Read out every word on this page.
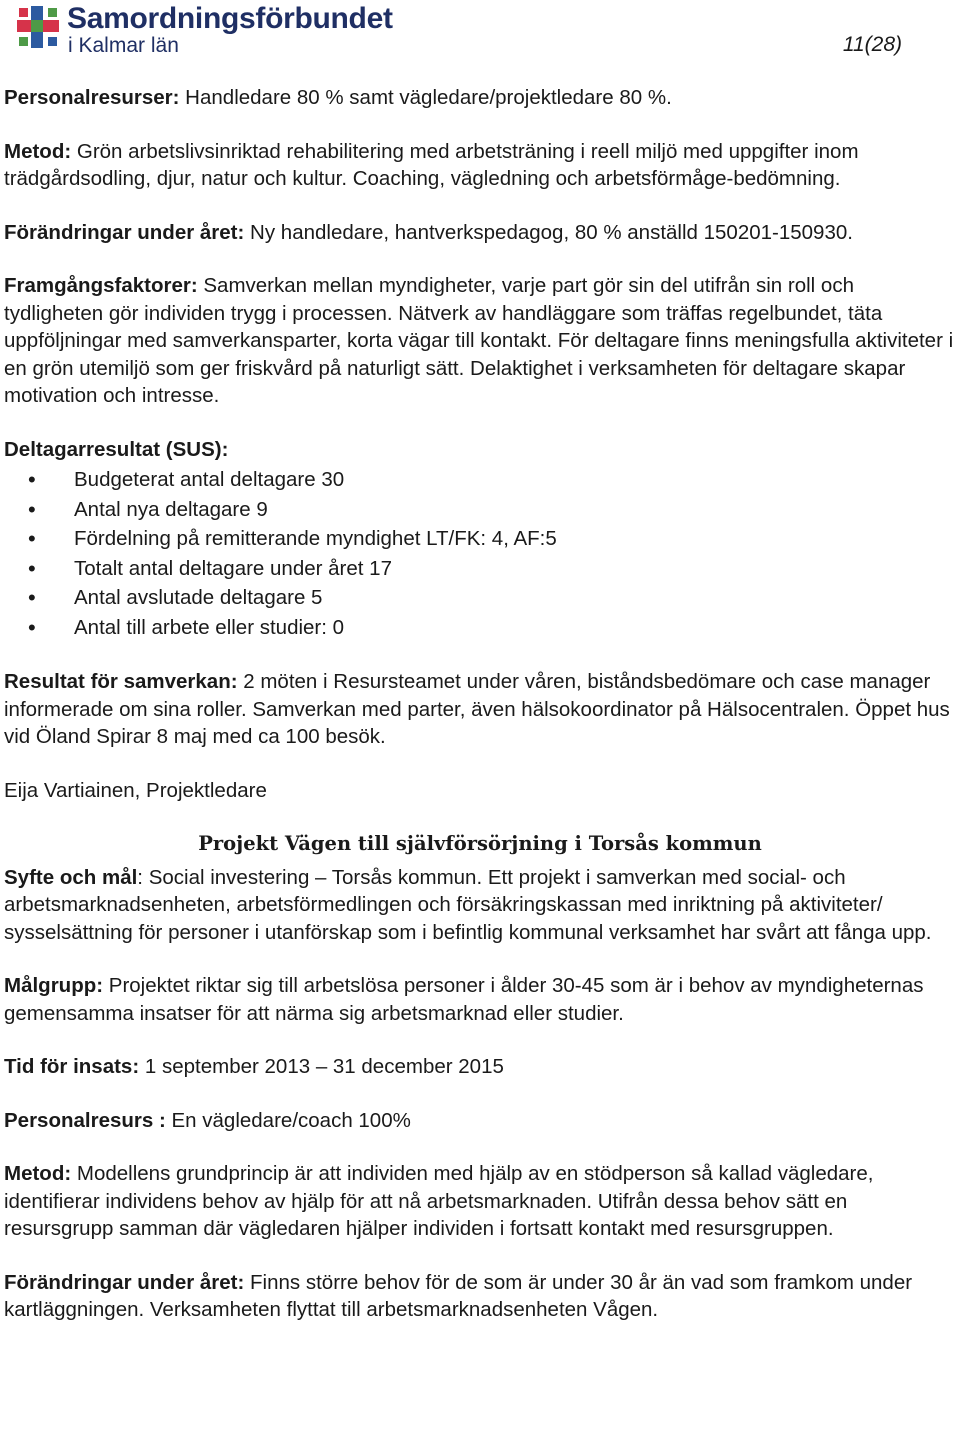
Samordningsförbundet
i Kalmar län	11(28)

Personalresurser: Handledare 80 % samt vägledare/projektledare 80 %.

Metod: Grön arbetslivsinriktad rehabilitering med arbetsträning i reell miljö med uppgifter inom trädgårdsodling, djur, natur och kultur. Coaching, vägledning och arbetsförmåge-bedömning.

Förändringar under året: Ny handledare, hantverkspedagog, 80 % anställd 150201-150930.

Framgångsfaktorer: Samverkan mellan myndigheter, varje part gör sin del utifrån sin roll och tydligheten gör individen trygg i processen. Nätverk av handläggare som träffas regelbundet, täta uppföljningar med samverkansparter, korta vägar till kontakt. För deltagare finns meningsfulla aktiviteter i en grön utemiljö som ger friskvård på naturligt sätt. Delaktighet i verksamheten för deltagare skapar motivation och intresse.

Deltagarresultat (SUS):
• Budgeterat antal deltagare 30
• Antal nya deltagare 9
• Fördelning på remitterande myndighet LT/FK: 4, AF:5
• Totalt antal deltagare under året 17
• Antal avslutade deltagare 5
• Antal till arbete eller studier: 0

Resultat för samverkan: 2 möten i Resursteamet under våren, biståndsbedömare och case manager informerade om sina roller. Samverkan med parter, även hälsokoordinator på Hälsocentralen. Öppet hus vid Öland Spirar 8 maj med ca 100 besök.

Eija Vartiainen, Projektledare

Projekt Vägen till självförsörjning i Torsås kommun

Syfte och mål: Social investering – Torsås kommun. Ett projekt i samverkan med social- och arbetsmarknadsenheten, arbetsförmedlingen och försäkringskassan med inriktning på aktiviteter/ sysselsättning för personer i utanförskap som i befintlig kommunal verksamhet har svårt att fånga upp.

Målgrupp: Projektet riktar sig till arbetslösa personer i ålder 30-45 som är i behov av myndigheternas gemensamma insatser för att närma sig arbetsmarknad eller studier.

Tid för insats: 1 september 2013 – 31 december 2015

Personalresurs : En vägledare/coach 100%

Metod: Modellens grundprincip är att individen med hjälp av en stödperson så kallad vägledare, identifierar individens behov av hjälp för att nå arbetsmarknaden. Utifrån dessa behov sätt en resursgrupp samman där vägledaren hjälper individen i fortsatt kontakt med resursgruppen.

Förändringar under året: Finns större behov för de som är under 30 år än vad som framkom under kartläggningen. Verksamheten flyttat till arbetsmarknadsenheten Vågen.
